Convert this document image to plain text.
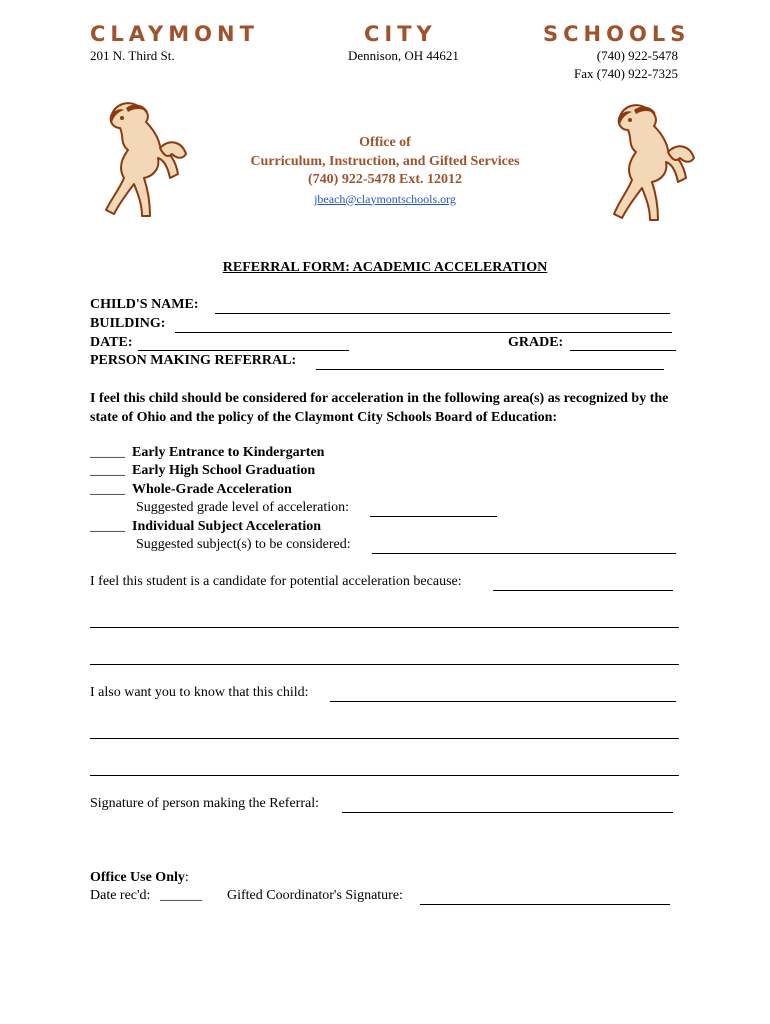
CLAYMONT	CITY	SCHOOLS
201 N. Third St.	Dennison, OH 44621	(740) 922-5478
Fax (740) 922-7325
Office of
Curriculum, Instruction, and Gifted Services
(740) 922-5478 Ext. 12012
jbeach@claymontschools.org
REFERRAL FORM: ACADEMIC ACCELERATION
CHILD'S NAME:
BUILDING:
DATE:	GRADE:
PERSON MAKING REFERRAL:
I feel this child should be considered for acceleration in the following area(s) as recognized by the state of Ohio and the policy of the Claymont City Schools Board of Education:
_____ Early Entrance to Kindergarten
_____ Early High School Graduation
_____ Whole-Grade Acceleration
Suggested grade level of acceleration:
_____ Individual Subject Acceleration
Suggested subject(s) to be considered:
I feel this student is a candidate for potential acceleration because:
I also want you to know that this child:
Signature of person making the Referral:
Office Use Only:
Date rec'd: ______ Gifted Coordinator's Signature:
